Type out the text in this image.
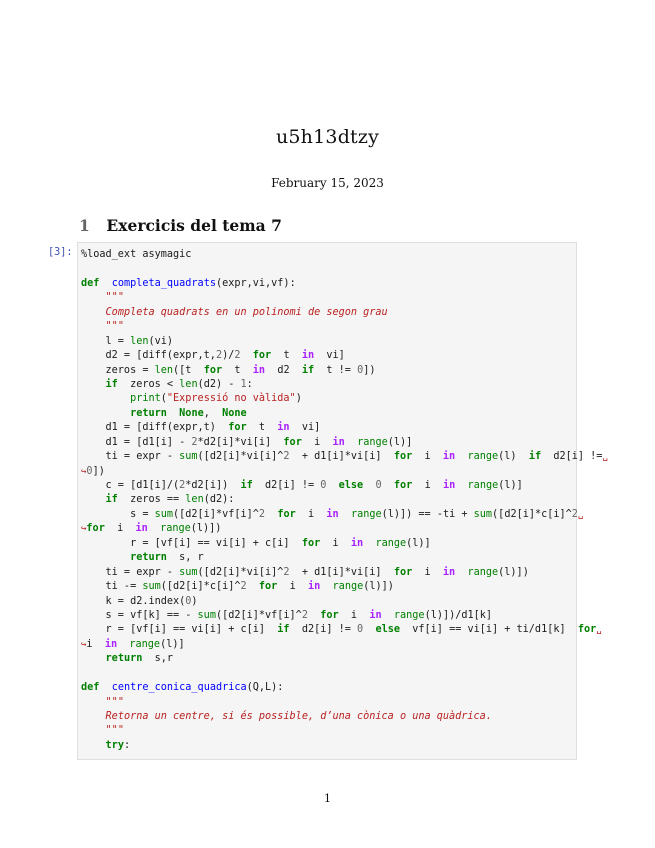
u5h13dtzy
February 15, 2023
1 Exercicis del tema 7
[3]: %load_ext asymagic

def completa_quadrats(expr,vi,vf):
"""
Completa quadrats en un polinomi de segon grau
"""
l = len(vi)
d2 = [diff(expr,t,2)/2 for  t  in  vi]
zeros = len([t  for  t  in  d2  if  t != 0])
if  zeros < len(d2) - 1:
print("Expressió no vàlida")
return None,  None
d1 = [diff(expr,t)  for  t  in  vi]
d1 = [d1[i] - 2*d2[i]*vi[i]  for  i  in range(l)]
ti = expr - sum([d2[i]*vi[i]^2  + d1[i]*vi[i]  for  i  in range(l)  if  d2[i] !=␣
↪0])
c = [d1[i]/(2*d2[i])  if  d2[i] != 0 else 0 for  i  in range(l)]
if  zeros == len(d2):
s = sum([d2[i]*vf[i]^2 for  i  in range(l)]) == -ti + sum([d2[i]*c[i]^2␣
↪for  i  in range(l)])
r = [vf[i] == vi[i] + c[i]  for  i  in range(l)]
return  s, r
ti = expr - sum([d2[i]*vi[i]^2  + d1[i]*vi[i]  for  i  in range(l)])
ti -= sum([d2[i]*c[i]^2 for  i  in range(l)])
k = d2.index(0)
s = vf[k] == - sum([d2[i]*vf[i]^2 for  i  in range(l)])/d1[k]
r = [vf[i] == vi[i] + c[i]  if  d2[i] != 0 else  vf[i] == vi[i] + ti/d1[k]  for␣
↪i  in range(l)]
return  s,r

def centre_conica_quadrica(Q,L):
"""
Retorna un centre, si és possible, d’una cònica o una quàdrica.
"""
try:
1
